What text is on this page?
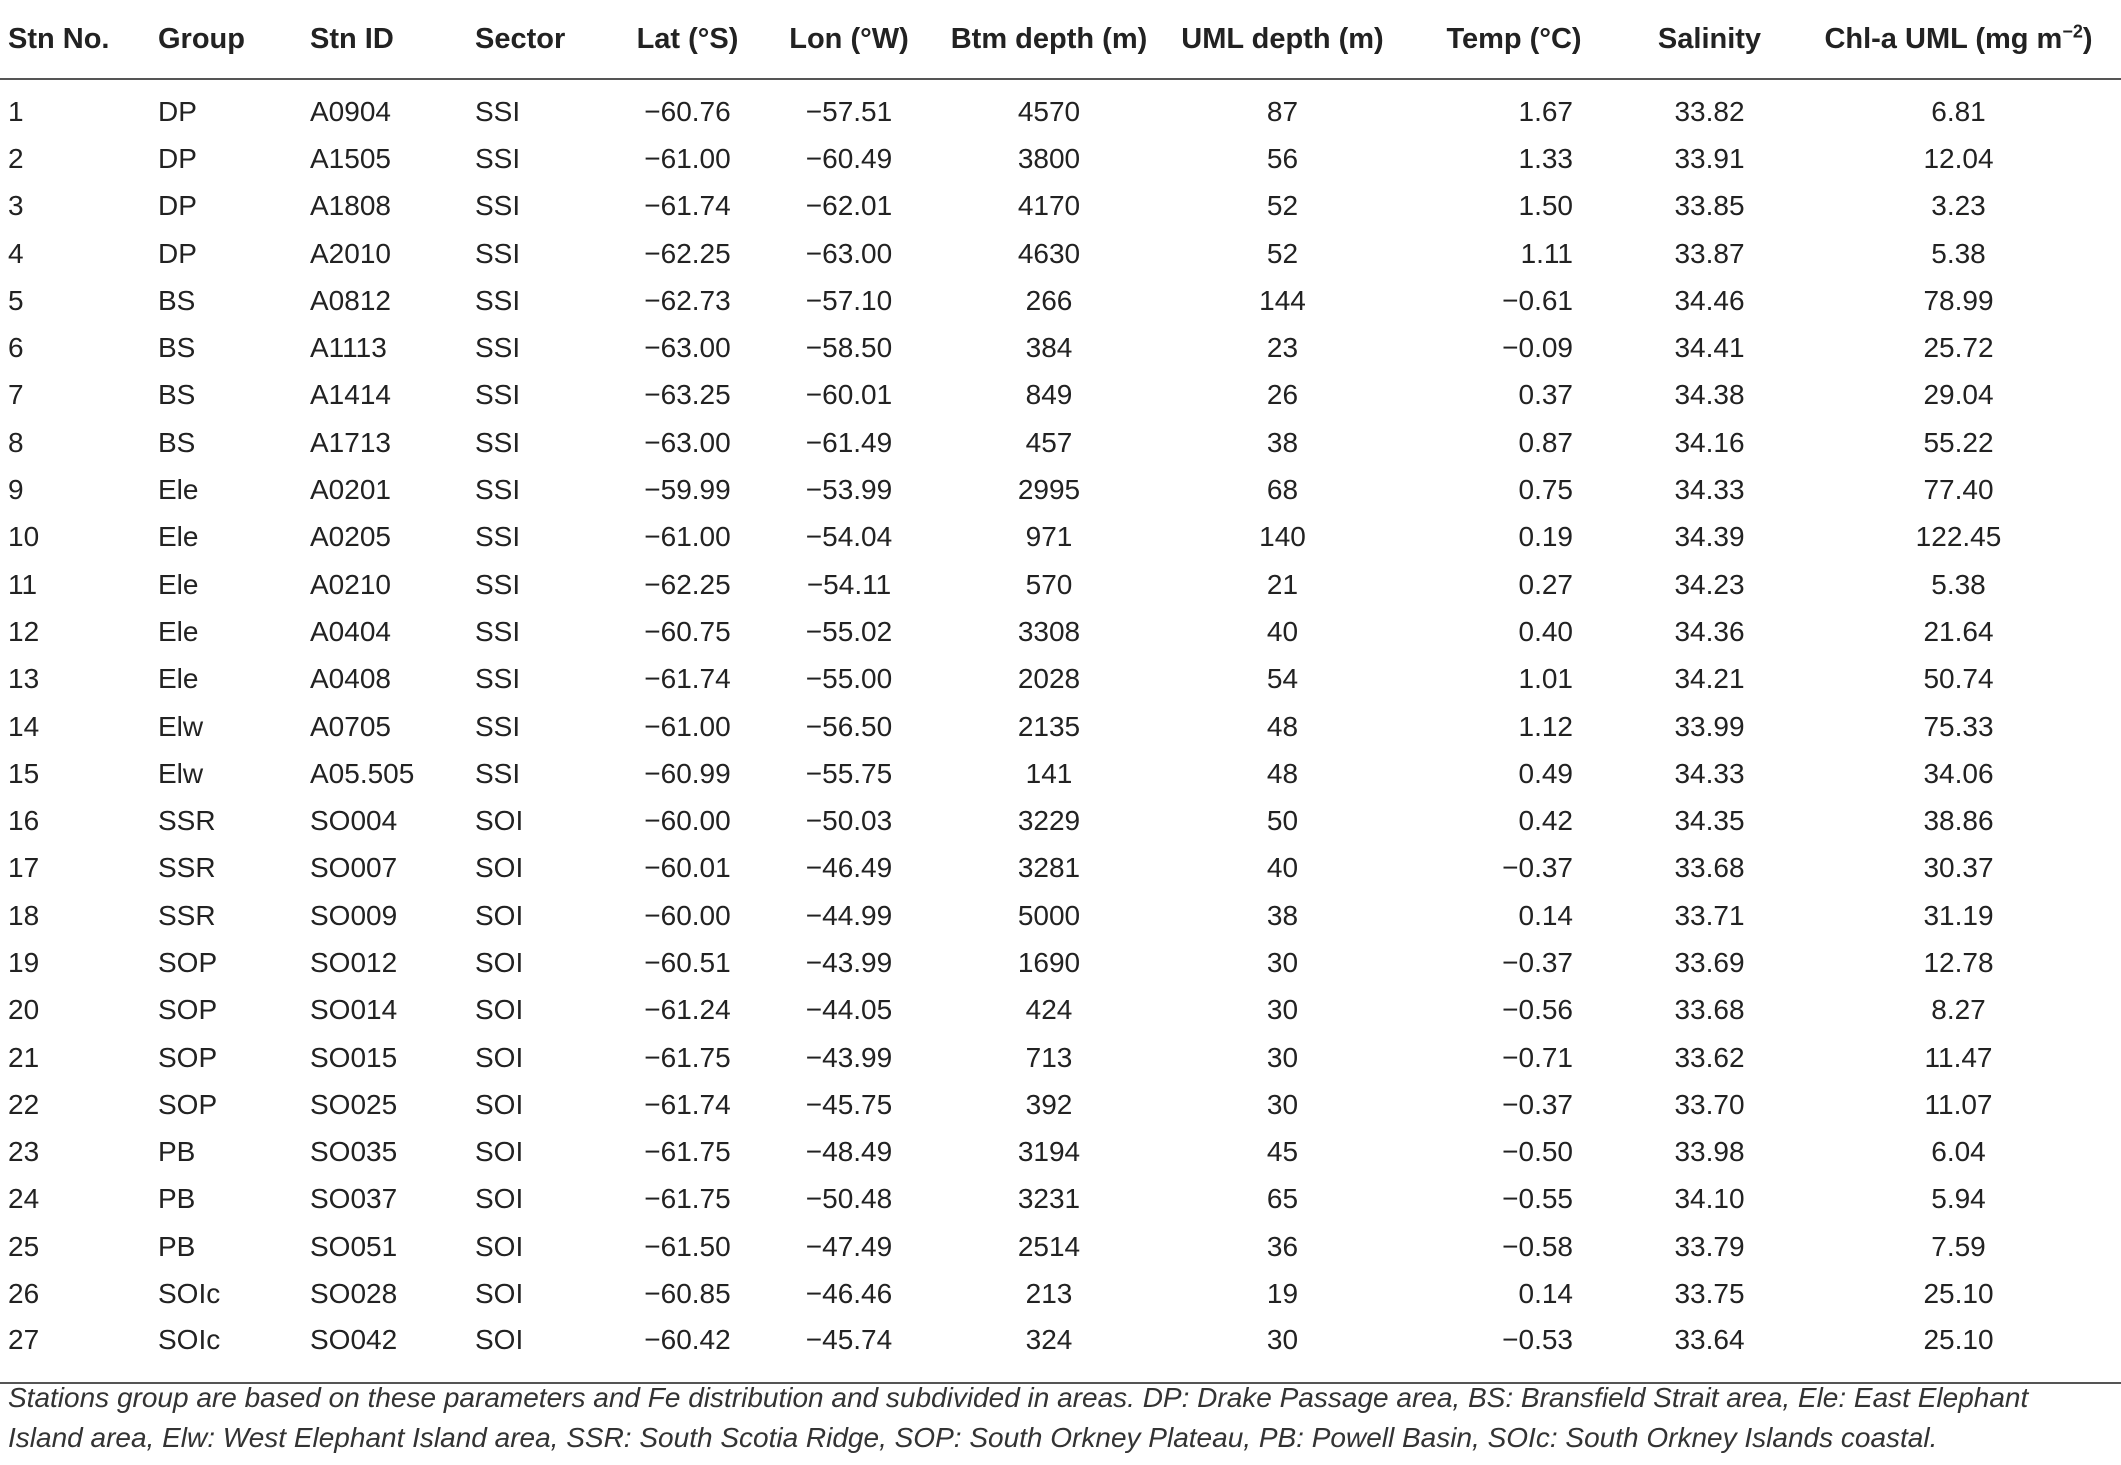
Stn No.	Group	Stn ID	Sector	Lat (°S)	Lon (°W)	Btm depth (m)	UML depth (m)	Temp (°C)	Salinity	Chl-a UML (mg $m^{-2}$)
1	DP	A0904	SSI	−60.76	−57.51	4570	87	1.67	33.82	6.81
2	DP	A1505	SSI	−61.00	−60.49	3800	56	1.33	33.91	12.04
3	DP	A1808	SSI	−61.74	−62.01	4170	52	1.50	33.85	3.23
4	DP	A2010	SSI	−62.25	−63.00	4630	52	1.11	33.87	5.38
5	BS	A0812	SSI	−62.73	−57.10	266	144	−0.61	34.46	78.99
6	BS	A1113	SSI	−63.00	−58.50	384	23	−0.09	34.41	25.72
7	BS	A1414	SSI	−63.25	−60.01	849	26	0.37	34.38	29.04
8	BS	A1713	SSI	−63.00	−61.49	457	38	0.87	34.16	55.22
9	Ele	A0201	SSI	−59.99	−53.99	2995	68	0.75	34.33	77.40
10	Ele	A0205	SSI	−61.00	−54.04	971	140	0.19	34.39	122.45
11	Ele	A0210	SSI	−62.25	−54.11	570	21	0.27	34.23	5.38
12	Ele	A0404	SSI	−60.75	−55.02	3308	40	0.40	34.36	21.64
13	Ele	A0408	SSI	−61.74	−55.00	2028	54	1.01	34.21	50.74
14	Elw	A0705	SSI	−61.00	−56.50	2135	48	1.12	33.99	75.33
15	Elw	A05.505	SSI	−60.99	−55.75	141	48	0.49	34.33	34.06
16	SSR	SO004	SOI	−60.00	−50.03	3229	50	0.42	34.35	38.86
17	SSR	SO007	SOI	−60.01	−46.49	3281	40	−0.37	33.68	30.37
18	SSR	SO009	SOI	−60.00	−44.99	5000	38	0.14	33.71	31.19
19	SOP	SO012	SOI	−60.51	−43.99	1690	30	−0.37	33.69	12.78
20	SOP	SO014	SOI	−61.24	−44.05	424	30	−0.56	33.68	8.27
21	SOP	SO015	SOI	−61.75	−43.99	713	30	−0.71	33.62	11.47
22	SOP	SO025	SOI	−61.74	−45.75	392	30	−0.37	33.70	11.07
23	PB	SO035	SOI	−61.75	−48.49	3194	45	−0.50	33.98	6.04
24	PB	SO037	SOI	−61.75	−50.48	3231	65	−0.55	34.10	5.94
25	PB	SO051	SOI	−61.50	−47.49	2514	36	−0.58	33.79	7.59
26	SOIc	SO028	SOI	−60.85	−46.46	213	19	0.14	33.75	25.10
27	SOIc	SO042	SOI	−60.42	−45.74	324	30	−0.53	33.64	25.10
Stations group are based on these parameters and Fe distribution and subdivided in areas. DP: Drake Passage area, BS: Bransfield Strait area, Ele: East Elephant Island area, Elw: West Elephant Island area, SSR: South Scotia Ridge, SOP: South Orkney Plateau, PB: Powell Basin, SOIc: South Orkney Islands coastal.
